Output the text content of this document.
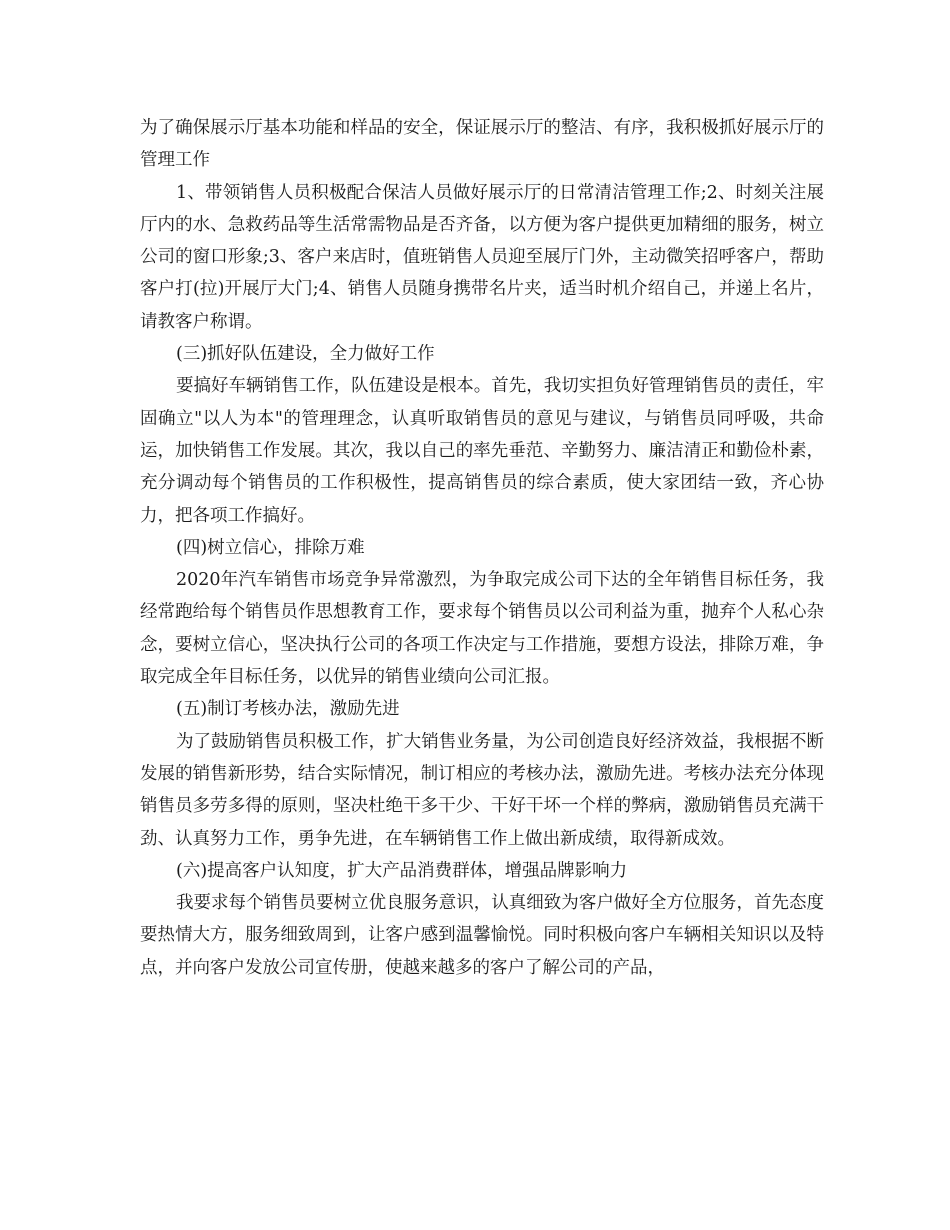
为了确保展示厅基本功能和样品的安全，保证展示厅的整洁、有序，我积极抓好展示厅的管理工作

1、带领销售人员积极配合保洁人员做好展示厅的日常清洁管理工作;2、时刻关注展厅内的水、急救药品等生活常需物品是否齐备，以方便为客户提供更加精细的服务，树立公司的窗口形象;3、客户来店时，值班销售人员迎至展厅门外，主动微笑招呼客户，帮助客户打(拉)开展厅大门;4、销售人员随身携带名片夹，适当时机介绍自己，并递上名片，请教客户称谓。

(三)抓好队伍建设，全力做好工作

要搞好车辆销售工作，队伍建设是根本。首先，我切实担负好管理销售员的责任，牢固确立"以人为本"的管理理念，认真听取销售员的意见与建议，与销售员同呼吸，共命运，加快销售工作发展。其次，我以自己的率先垂范、辛勤努力、廉洁清正和勤俭朴素，充分调动每个销售员的工作积极性，提高销售员的综合素质，使大家团结一致，齐心协力，把各项工作搞好。

(四)树立信心，排除万难

2020年汽车销售市场竞争异常激烈，为争取完成公司下达的全年销售目标任务，我经常跑给每个销售员作思想教育工作，要求每个销售员以公司利益为重，抛弃个人私心杂念，要树立信心，坚决执行公司的各项工作决定与工作措施，要想方设法，排除万难，争取完成全年目标任务，以优异的销售业绩向公司汇报。

(五)制订考核办法，激励先进

为了鼓励销售员积极工作，扩大销售业务量，为公司创造良好经济效益，我根据不断发展的销售新形势，结合实际情况，制订相应的考核办法，激励先进。考核办法充分体现销售员多劳多得的原则，坚决杜绝干多干少、干好干坏一个样的弊病，激励销售员充满干劲、认真努力工作，勇争先进，在车辆销售工作上做出新成绩，取得新成效。

(六)提高客户认知度，扩大产品消费群体，增强品牌影响力

我要求每个销售员要树立优良服务意识，认真细致为客户做好全方位服务，首先态度要热情大方，服务细致周到，让客户感到温馨愉悦。同时积极向客户车辆相关知识以及特点，并向客户发放公司宣传册，使越来越多的客户了解公司的产品，
